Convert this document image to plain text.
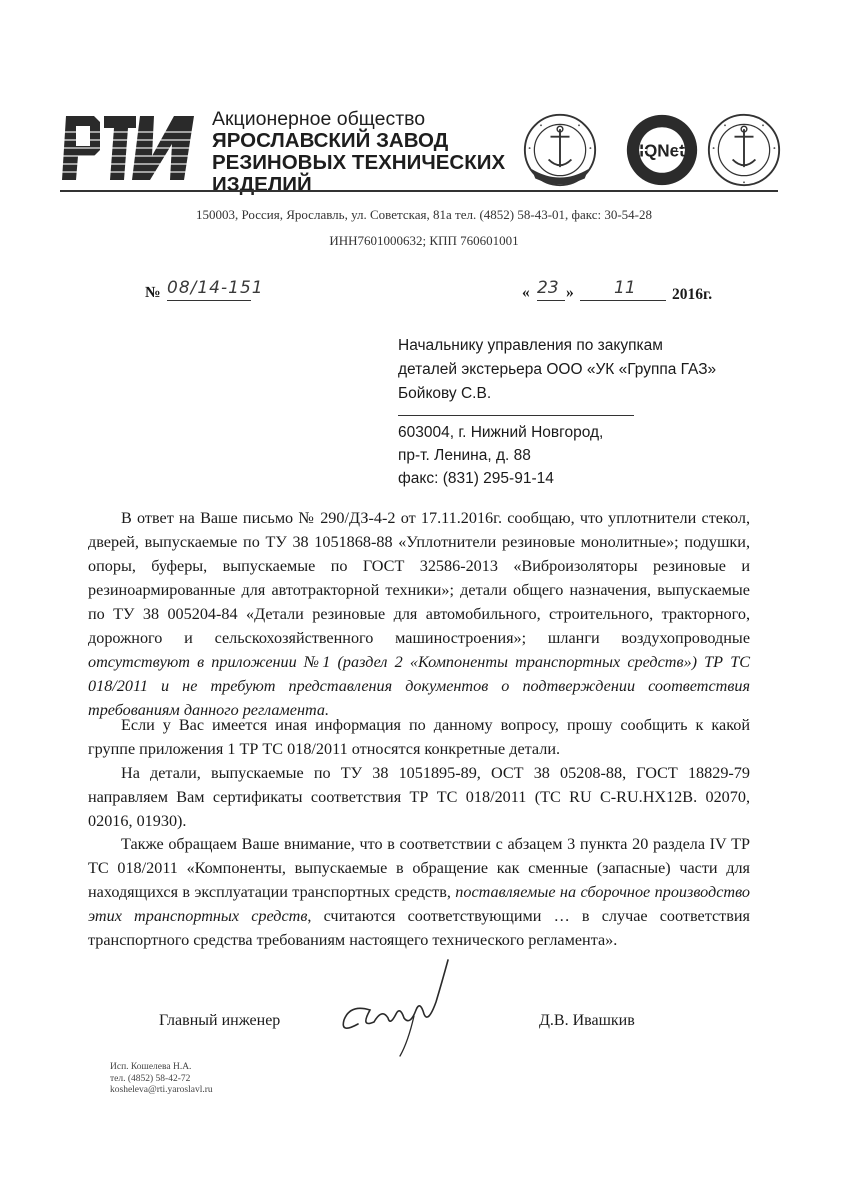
Акционерное общество
ЯРОСЛАВСКИЙ ЗАВОД
РЕЗИНОВЫХ ТЕХНИЧЕСКИХ
ИЗДЕЛИЙ
IQNet
150003, Россия, Ярославль, ул. Советская, 81а тел. (4852) 58-43-01, факс: 30-54-28
ИНН7601000632; КПП 760601001
№ 08/14-151	« 23 » 11 2016г.
Начальнику управления по закупкам
деталей экстерьера ООО «УК «Группа ГАЗ»
Бойкову С.В.
603004, г. Нижний Новгород,
пр-т. Ленина, д. 88
факс: (831) 295-91-14

В ответ на Ваше письмо № 290/ДЗ-4-2 от 17.11.2016г. сообщаю, что уплотнители стекол, дверей, выпускаемые по ТУ 38 1051868-88 «Уплотнители резиновые монолитные»; подушки, опоры, буферы, выпускаемые по ГОСТ 32586-2013 «Виброизоляторы резиновые и резиноармированные для автотракторной техники»; детали общего назначения, выпускаемые по ТУ 38 005204-84 «Детали резиновые для автомобильного, строительного, тракторного, дорожного и сельскохозяйственного машиностроения»; шланги воздухопроводные отсутствуют в приложении №1 (раздел 2 «Компоненты транспортных средств») ТР ТС 018/2011 и не требуют представления документов о подтверждении соответствия требованиям данного регламента.

Если у Вас имеется иная информация по данному вопросу, прошу сообщить к какой группе приложения 1 ТР ТС 018/2011 относятся конкретные детали.

На детали, выпускаемые по ТУ 38 1051895-89, ОСТ 38 05208-88, ГОСТ 18829-79 направляем Вам сертификаты соответствия ТР ТС 018/2011 (ТС RU C-RU.HX12B. 02070, 02016, 01930).

Также обращаем Ваше внимание, что в соответствии с абзацем 3 пункта 20 раздела IV ТР ТС 018/2011 «Компоненты, выпускаемые в обращение как сменные (запасные) части для находящихся в эксплуатации транспортных средств, поставляемые на сборочное производство этих транспортных средств, считаются соответствующими … в случае соответствия транспортного средства требованиям настоящего технического регламента».

Главный инженер	Д.В. Ивашкив
Исп. Кошелева Н.А.
тел. (4852) 58-42-72
kosheleva@rti.yaroslavl.ru
